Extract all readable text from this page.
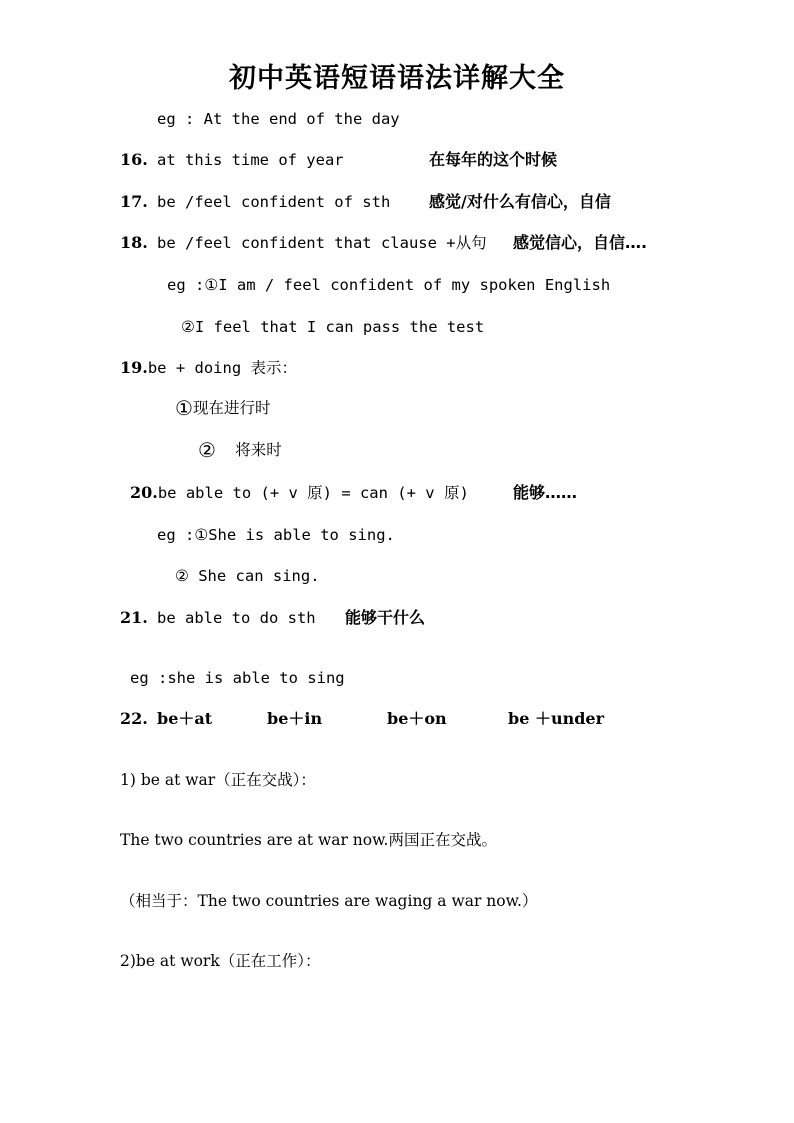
初中英语短语语法详解大全
eg : At the end of the day
16. at this time of year	在每年的这个时候
17. be /feel confident of sth 感觉/对什么有信心，自信
18. be /feel confident that clause +从句 感觉信心，自信….
eg :①I am / feel confident of my spoken English
②I feel that I can pass the test
19.be + doing 表示：
①现在进行时
② 将来时
20.be able to (+ v 原) = can (+ v 原)	能够……
eg :①She is able to sing.
② She can sing.
21. be able to do sth 能够干什么
eg :she is able to sing
22. be＋at	be＋in	be＋on	be ＋under
1) be at war（正在交战）：
The two countries are at war now.两国正在交战。
（相当于：The two countries are waging a war now.）
2)be at work（正在工作）：
